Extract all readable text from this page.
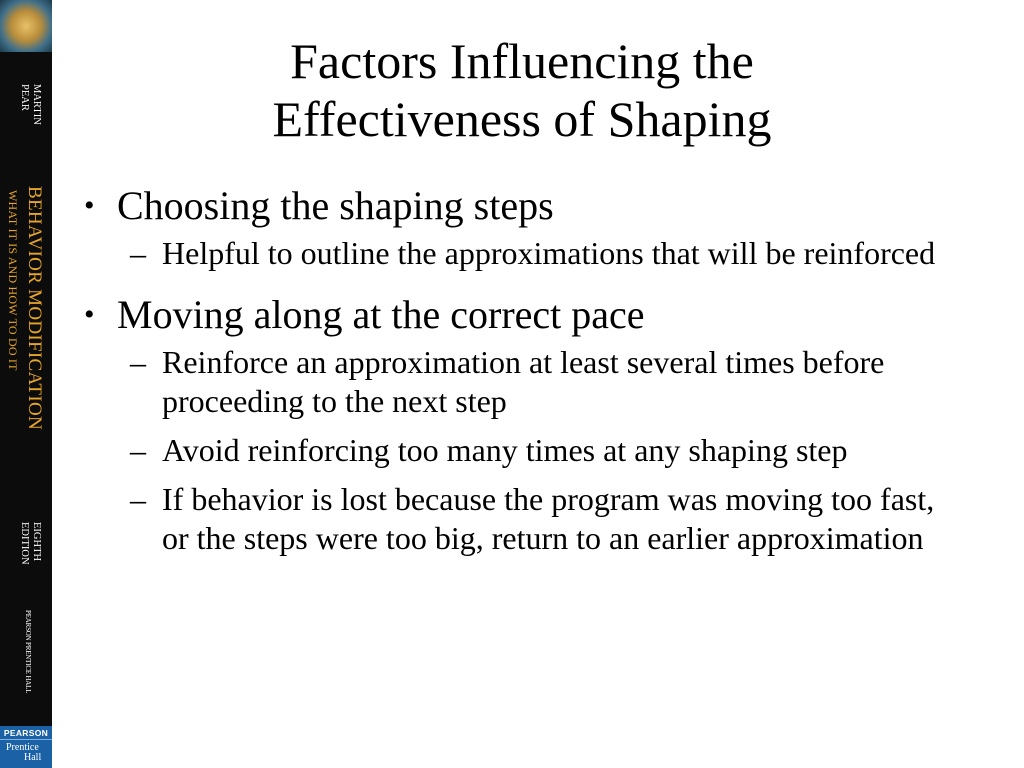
MARTIN
PEAR
BEHAVIOR MODIFICATION
WHAT IT IS AND HOW TO DO IT
EIGHTH
EDITION
PEARSON PRENTICE HALL
PEARSON
Prentice
Hall
Factors Influencing the
Effectiveness of Shaping
• Choosing the shaping steps
– Helpful to outline the approximations that will be reinforced
• Moving along at the correct pace
– Reinforce an approximation at least several times before proceeding to the next step
– Avoid reinforcing too many times at any shaping step
– If behavior is lost because the program was moving too fast, or the steps were too big, return to an earlier approximation
